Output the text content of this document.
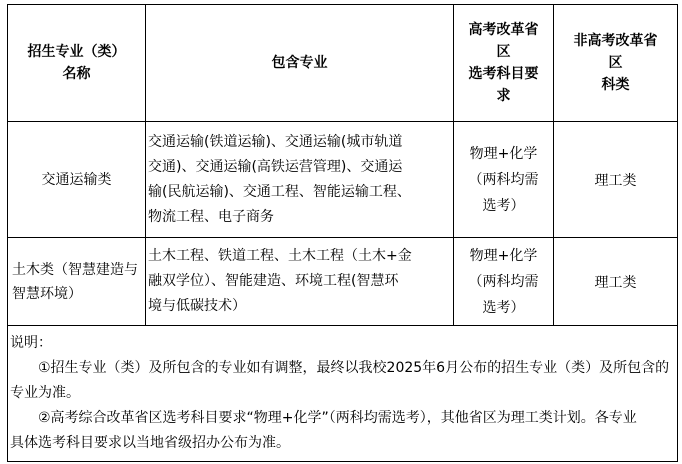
招生专业（类）
名称	包含专业	高考改革省
区
选考科目要
求	非高考改革省
区
科类

交通运输类	交通运输(铁道运输)、交通运输(城市轨道
交通)、交通运输(高铁运营管理)、交通运
输(民航运输)、交通工程、智能运输工程、
物流工程、电子商务	物理+化学
（两科均需
选考）	理工类

土木类（智慧建造与
智慧环境）	土木工程、铁道工程、土木工程（土木+金
融双学位）、智能建造、环境工程(智慧环
境与低碳技术）	物理+化学
（两科均需
选考）	理工类

说明：
①招生专业（类）及所包含的专业如有调整，最终以我校2025年6月公布的招生专业（类）及所包含的
专业为准。
②高考综合改革省区选考科目要求“物理+化学”（两科均需选考），其他省区为理工类计划。各专业
具体选考科目要求以当地省级招办公布为准。			
